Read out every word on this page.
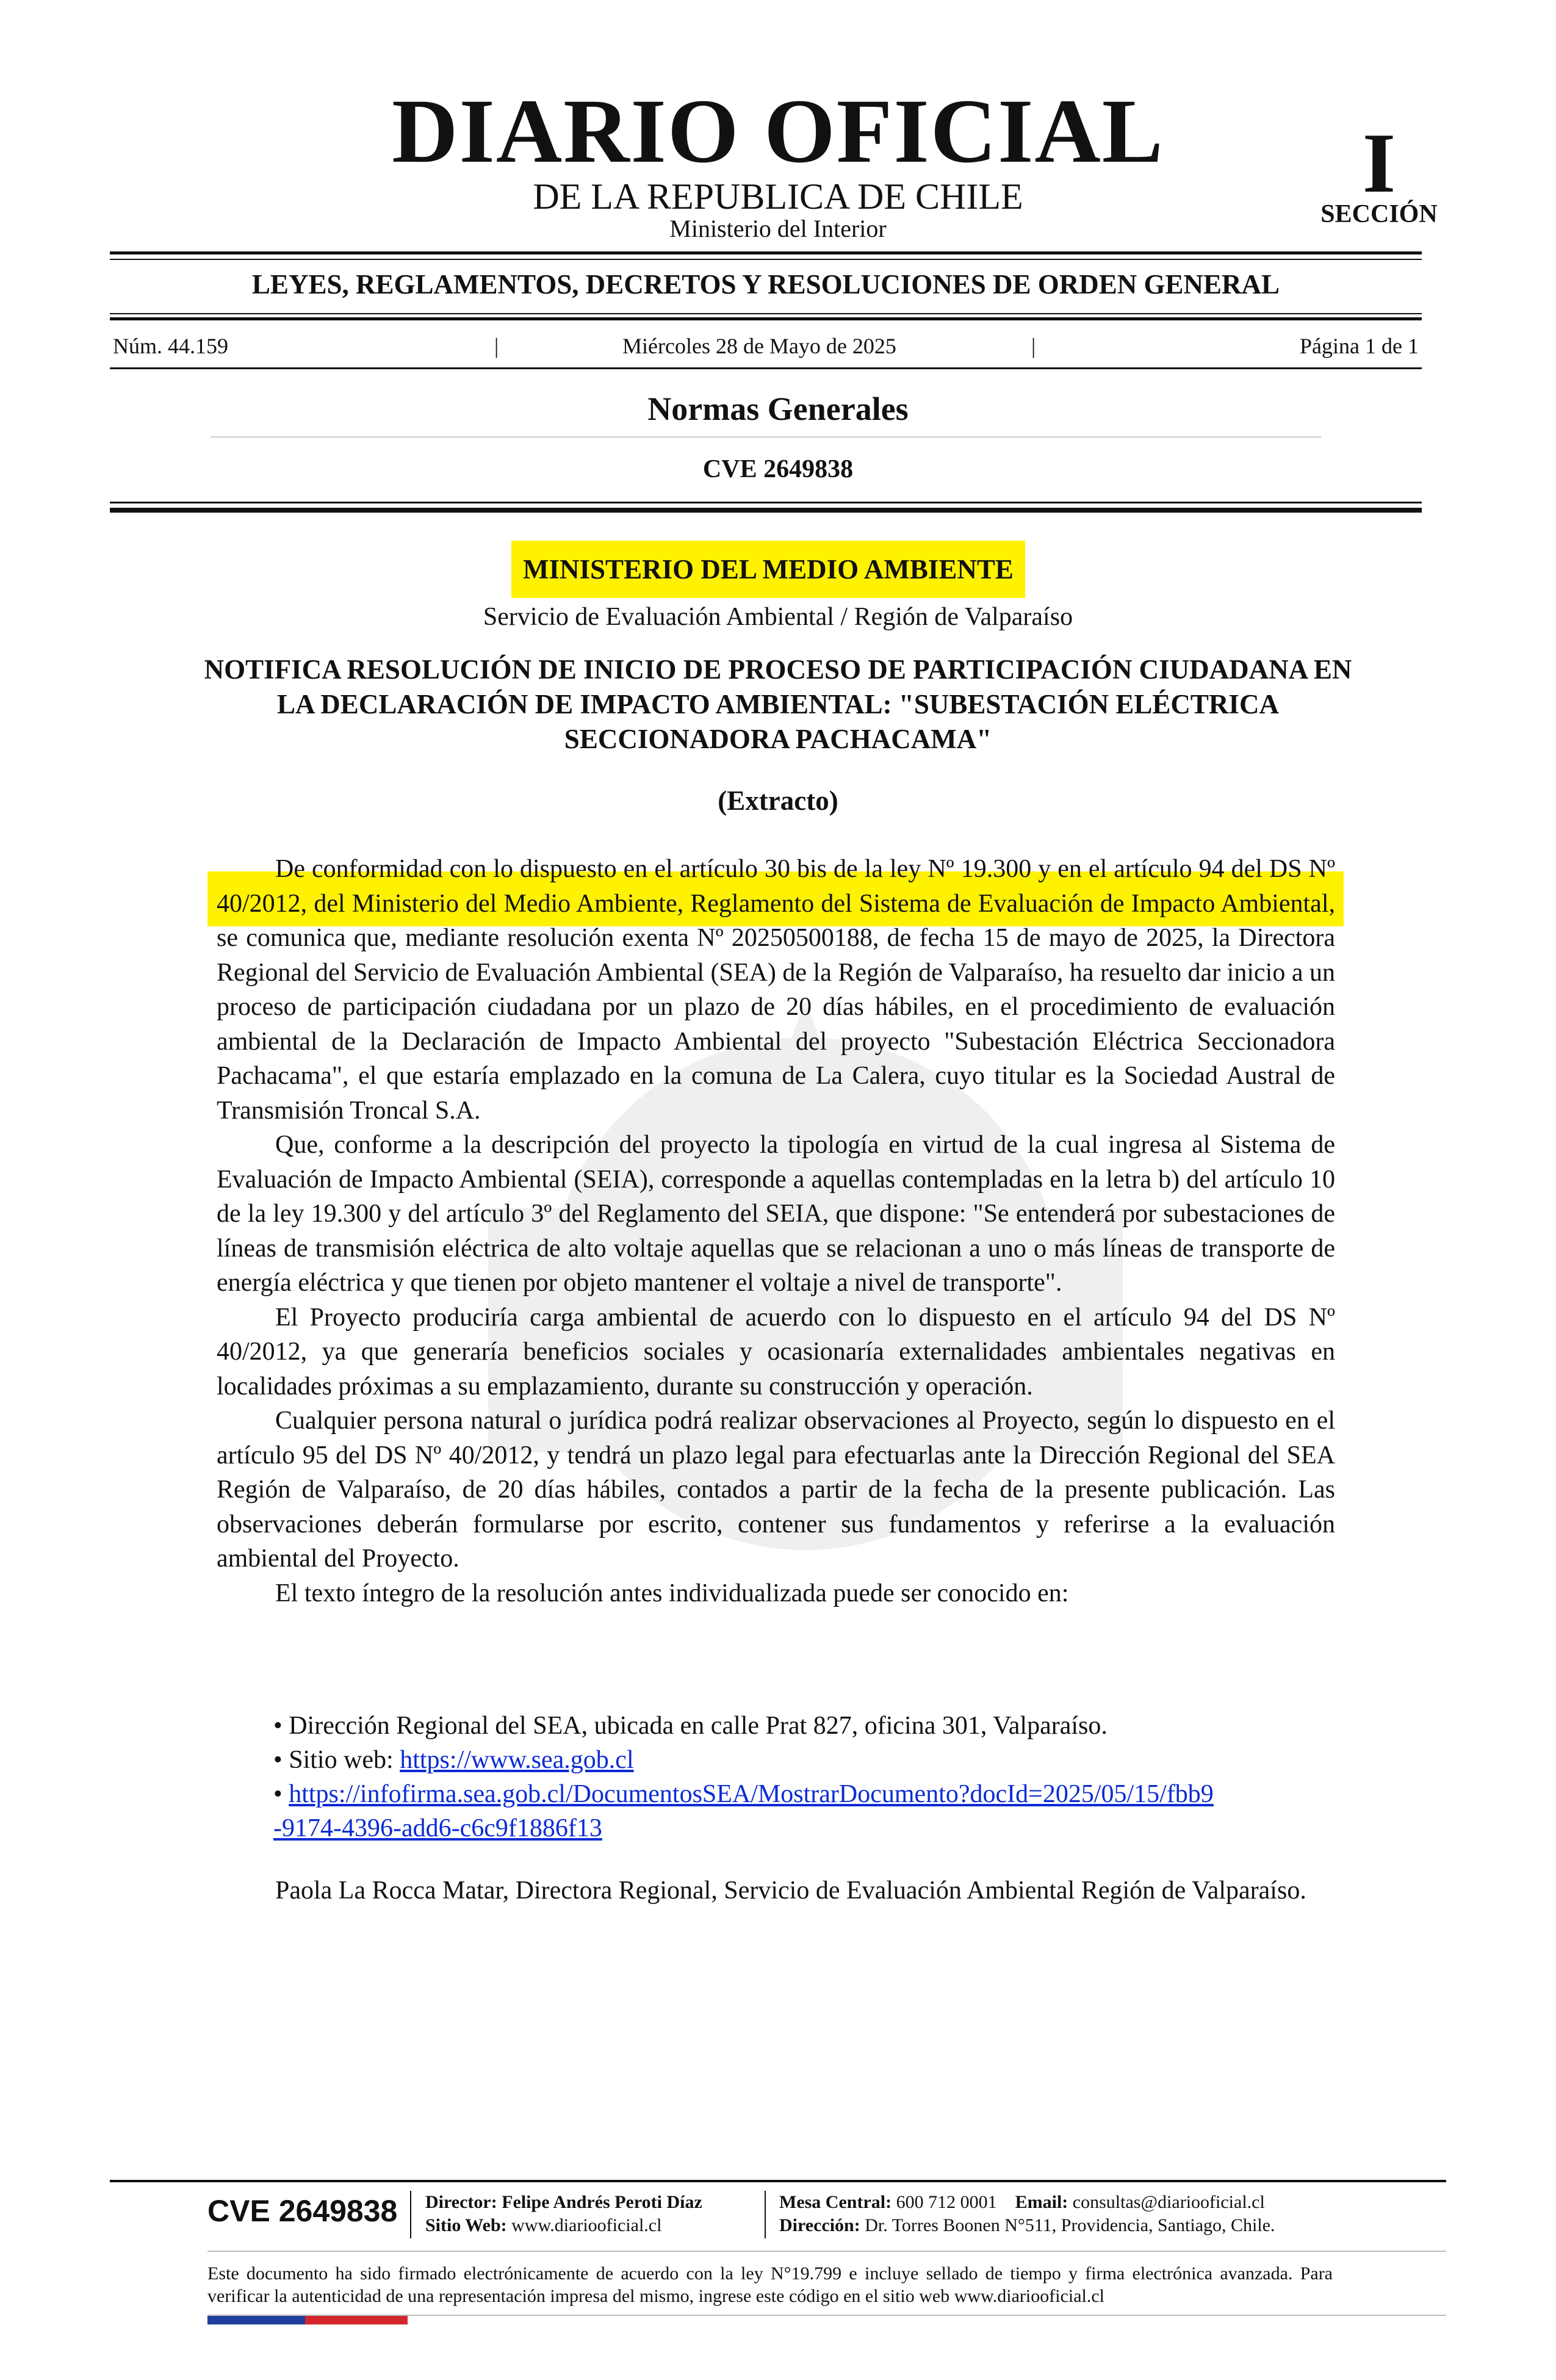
DIARIO OFICIAL
DE LA REPUBLICA DE CHILE
Ministerio del Interior
I
SECCIÓN
LEYES, REGLAMENTOS, DECRETOS Y RESOLUCIONES DE ORDEN GENERAL
Núm. 44.159	|	Miércoles 28 de Mayo de 2025	|	Página 1 de 1
Normas Generales
CVE 2649838
MINISTERIO DEL MEDIO AMBIENTE
Servicio de Evaluación Ambiental / Región de Valparaíso
NOTIFICA RESOLUCIÓN DE INICIO DE PROCESO DE PARTICIPACIÓN CIUDADANA EN LA DECLARACIÓN DE IMPACTO AMBIENTAL: "SUBESTACIÓN ELÉCTRICA SECCIONADORA PACHACAMA"
(Extracto)

De conformidad con lo dispuesto en el artículo 30 bis de la ley Nº 19.300 y en el artículo 94 del DS Nº 40/2012, del Ministerio del Medio Ambiente, Reglamento del Sistema de Evaluación de Impacto Ambiental, se comunica que, mediante resolución exenta Nº 20250500188, de fecha 15 de mayo de 2025, la Directora Regional del Servicio de Evaluación Ambiental (SEA) de la Región de Valparaíso, ha resuelto dar inicio a un proceso de participación ciudadana por un plazo de 20 días hábiles, en el procedimiento de evaluación ambiental de la Declaración de Impacto Ambiental del proyecto "Subestación Eléctrica Seccionadora Pachacama", el que estaría emplazado en la comuna de La Calera, cuyo titular es la Sociedad Austral de Transmisión Troncal S.A.

Que, conforme a la descripción del proyecto la tipología en virtud de la cual ingresa al Sistema de Evaluación de Impacto Ambiental (SEIA), corresponde a aquellas contempladas en la letra b) del artículo 10 de la ley 19.300 y del artículo 3º del Reglamento del SEIA, que dispone: "Se entenderá por subestaciones de líneas de transmisión eléctrica de alto voltaje aquellas que se relacionan a uno o más líneas de transporte de energía eléctrica y que tienen por objeto mantener el voltaje a nivel de transporte".

El Proyecto produciría carga ambiental de acuerdo con lo dispuesto en el artículo 94 del DS Nº 40/2012, ya que generaría beneficios sociales y ocasionaría externalidades ambientales negativas en localidades próximas a su emplazamiento, durante su construcción y operación.

Cualquier persona natural o jurídica podrá realizar observaciones al Proyecto, según lo dispuesto en el artículo 95 del DS Nº 40/2012, y tendrá un plazo legal para efectuarlas ante la Dirección Regional del SEA Región de Valparaíso, de 20 días hábiles, contados a partir de la fecha de la presente publicación. Las observaciones deberán formularse por escrito, contener sus fundamentos y referirse a la evaluación ambiental del Proyecto.

El texto íntegro de la resolución antes individualizada puede ser conocido en:

• Dirección Regional del SEA, ubicada en calle Prat 827, oficina 301, Valparaíso.
• Sitio web: https://www.sea.gob.cl
• https://infofirma.sea.gob.cl/DocumentosSEA/MostrarDocumento?docId=2025/05/15/fbb9
-9174-4396-add6-c6c9f1886f13

Paola La Rocca Matar, Directora Regional, Servicio de Evaluación Ambiental Región de Valparaíso.

CVE 2649838 Director: Felipe Andrés Peroti Díaz
Sitio Web: www.diariooficial.cl
Mesa Central: 600 712 0001 Email: consultas@diariooficial.cl
Dirección: Dr. Torres Boonen N°511, Providencia, Santiago, Chile.
Este documento ha sido firmado electrónicamente de acuerdo con la ley N°19.799 e incluye sellado de tiempo y firma electrónica avanzada. Para verificar la autenticidad de una representación impresa del mismo, ingrese este código en el sitio web www.diariooficial.cl
